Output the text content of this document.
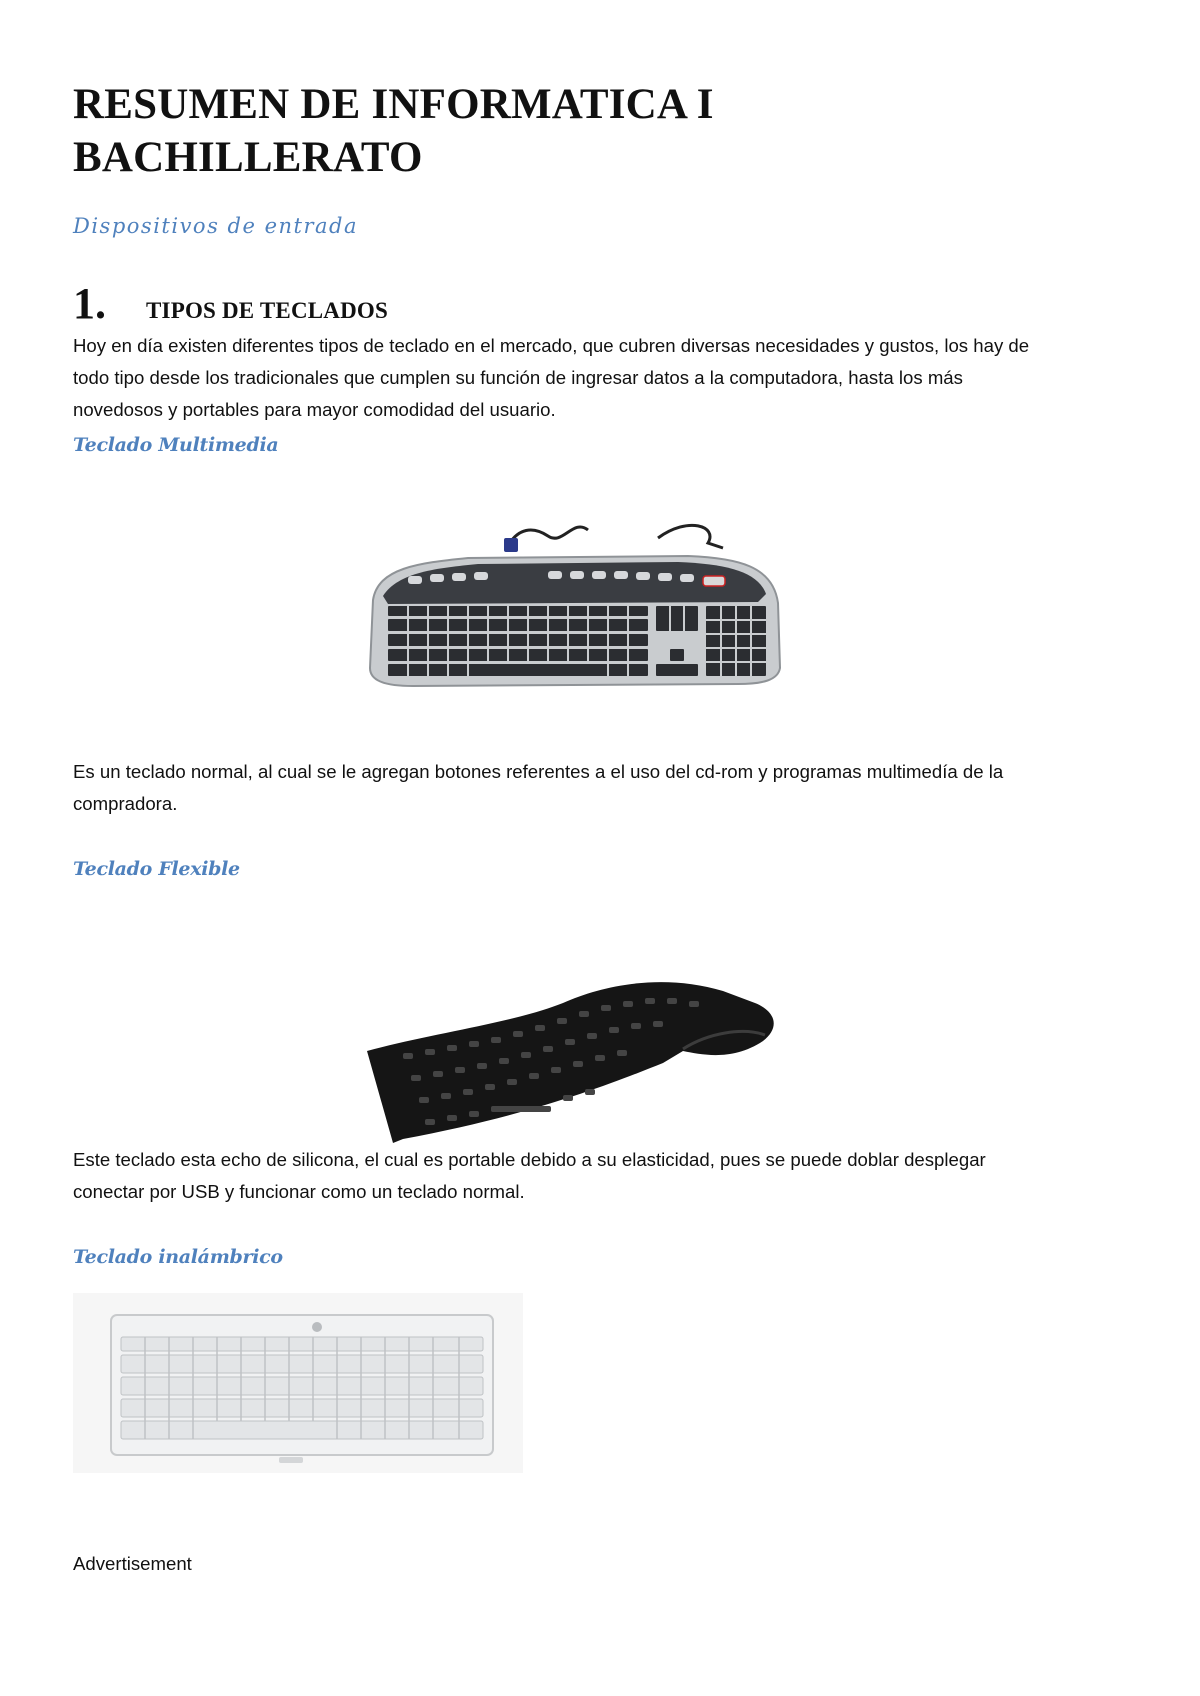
RESUMEN DE INFORMATICA I
BACHILLERATO
Dispositivos de entrada
1.	TIPOS DE TECLADOS
Hoy en día existen diferentes tipos de teclado en el mercado, que cubren diversas necesidades y gustos, los hay de
todo tipo desde los tradicionales que cumplen su función de ingresar datos a la computadora, hasta los más
novedosos y portables para mayor comodidad del usuario.
Teclado Multimedia
Es un teclado normal, al cual se le agregan botones referentes a el uso del cd-rom y programas multimedía de la
compradora.
Teclado Flexible
Este teclado esta echo de silicona, el cual es portable debido a su elasticidad, pues se puede doblar desplegar
conectar por USB y funcionar como un teclado normal.
Teclado inalámbrico
Advertisement
